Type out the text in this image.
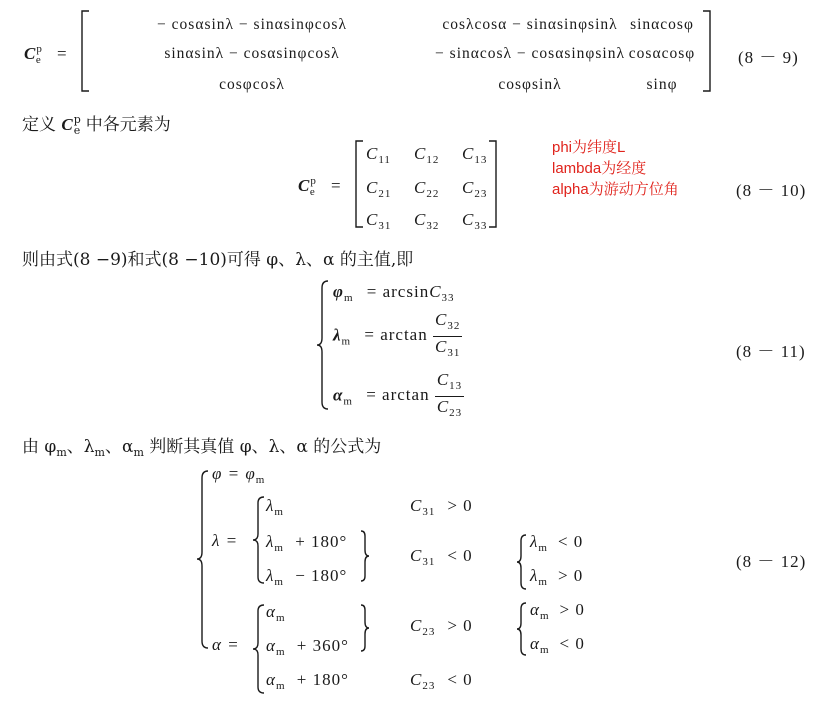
$C^p_e$ =
− cosαsinλ − sinαsinφcosλ	cosλcosα − sinαsinφsinλ sinαcosφ
sinαsinλ − cosαsinφcosλ	− sinαcosλ − cosαsinφsinλ cosαcosφ
cosφcosλ	cosφsinλ	sinφ
(8 － 9)
定义 $C^p_e$ 中各元素为
$C^p_e$ =
$C_{11}$ $C_{12}$ $C_{13}$
$C_{21}$ $C_{22}$ $C_{23}$
$C_{31}$ $C_{32}$ $C_{33}$
(8 － 10)
phi为纬度L
lambda为经度
alpha为游动方位角
则由式(8 −9)和式(8 −10)可得 φ、λ、α 的主值,即
$\varphi_m = \arcsin C_{33}$
$\lambda_m = \arctan \frac{C_{32}}{C_{31}}$
$\alpha_m = \arctan \frac{C_{13}}{C_{23}}$
(8 － 11)
由 $\varphi_m$、$\lambda_m$、$\alpha_m$ 判断其真值 φ、λ、α 的公式为
$\varphi = \varphi_m$
λ =
$\lambda_m$
$\lambda_m + 180^\circ$
$\lambda_m - 180^\circ$
$C_{31} > 0$
$C_{31} < 0$
$\lambda_m < 0$
$\lambda_m > 0$
α =
$\alpha_m$
$\alpha_m + 360^\circ$
$\alpha_m + 180^\circ$
$C_{23} > 0$
$C_{23} < 0$
$\alpha_m > 0$
$\alpha_m < 0$
(8 － 12)
